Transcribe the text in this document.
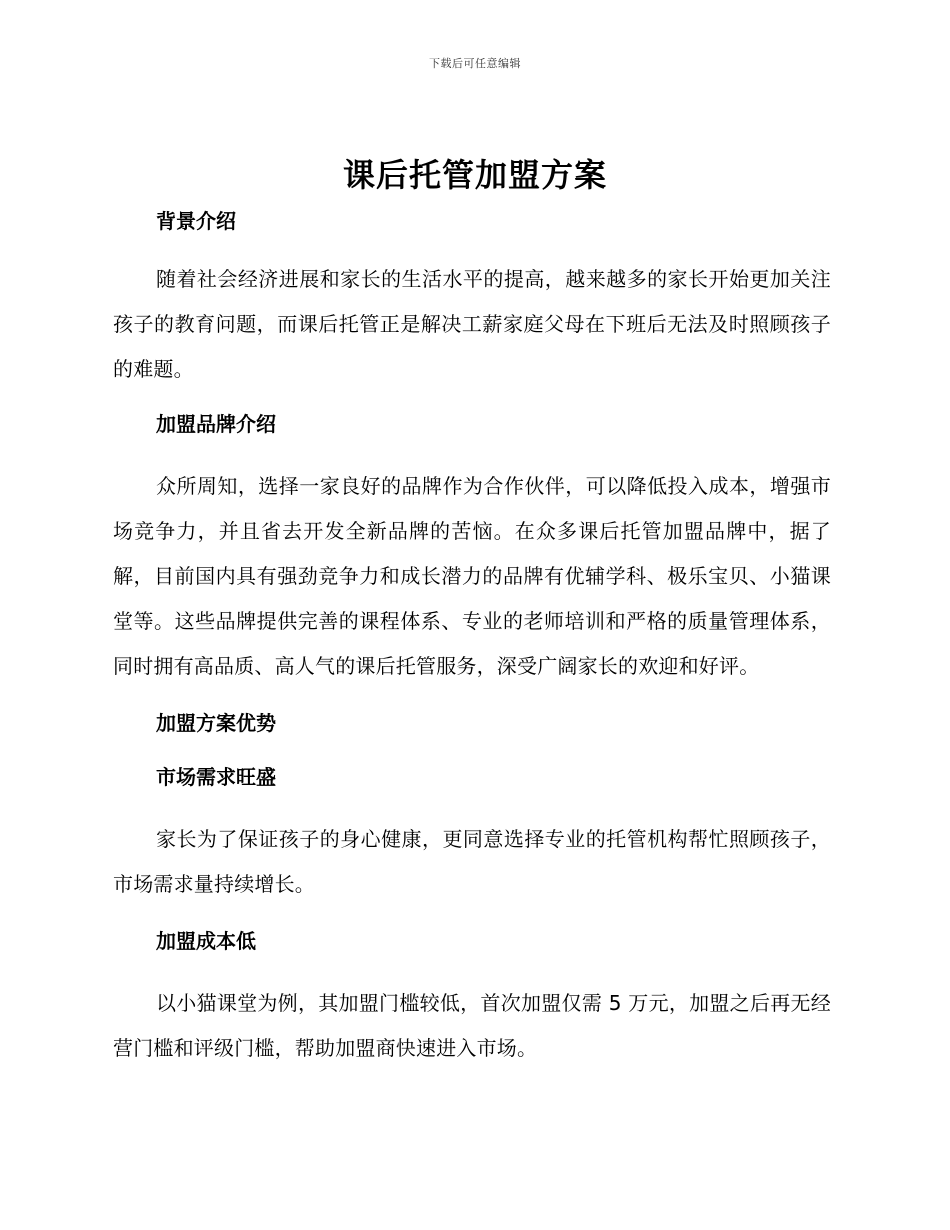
下载后可任意编辑
课后托管加盟方案
背景介绍

随着社会经济进展和家长的生活水平的提高，越来越多的家长开始更加关注孩子的教育问题，而课后托管正是解决工薪家庭父母在下班后无法及时照顾孩子的难题。

加盟品牌介绍

众所周知，选择一家良好的品牌作为合作伙伴，可以降低投入成本，增强市场竞争力，并且省去开发全新品牌的苦恼。在众多课后托管加盟品牌中，据了解，目前国内具有强劲竞争力和成长潜力的品牌有优辅学科、极乐宝贝、小猫课堂等。这些品牌提供完善的课程体系、专业的老师培训和严格的质量管理体系，同时拥有高品质、高人气的课后托管服务，深受广阔家长的欢迎和好评。

加盟方案优势
市场需求旺盛

家长为了保证孩子的身心健康，更同意选择专业的托管机构帮忙照顾孩子，市场需求量持续增长。

加盟成本低

以小猫课堂为例，其加盟门槛较低，首次加盟仅需 5 万元，加盟之后再无经营门槛和评级门槛，帮助加盟商快速进入市场。
